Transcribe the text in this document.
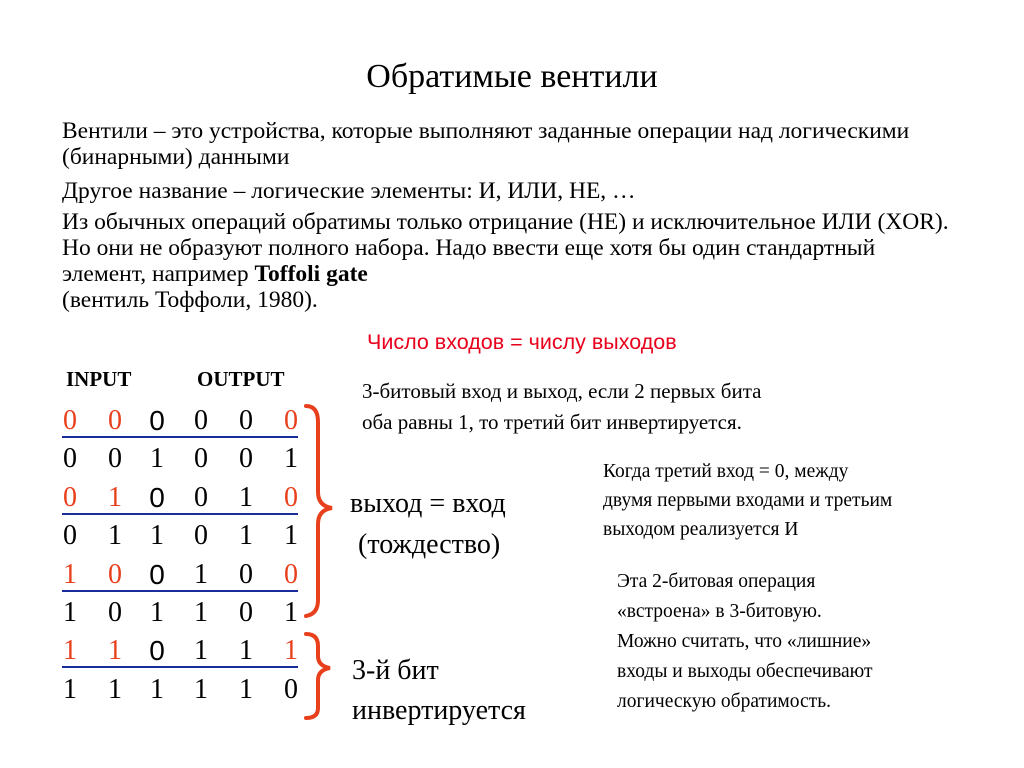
Обратимые вентили
Вентили – это устройства, которые выполняют заданные операции над логическими (бинарными) данными
Другое название – логические элементы: И, ИЛИ, НЕ, …
Из обычных операций обратимы только отрицание (НЕ) и исключительное ИЛИ (XOR). Но они не образуют полного набора. Надо ввести еще хотя бы один стандартный элемент, например Toffoli gate
(вентиль Тоффоли, 1980).
Число входов = числу выходов
INPUT	OUTPUT
0 0 0 0 0 0
0 0 1 0 0 1
0 1 0 0 1 0
0 1 1 0 1 1
1 0 0 1 0 0
1 0 1 1 0 1
1 1 0 1 1 1
1 1 1 1 1 0
выход = вход
(тождество)
3-й бит
инвертируется
3-битовый вход и выход, если 2 первых бита
оба равны 1, то третий бит инвертируется.
Когда третий вход = 0, между
двумя первыми входами и третьим
выходом реализуется И
Эта 2-битовая операция
«встроена» в 3-битовую.
Можно считать, что «лишние»
входы и выходы обеспечивают
логическую обратимость.
